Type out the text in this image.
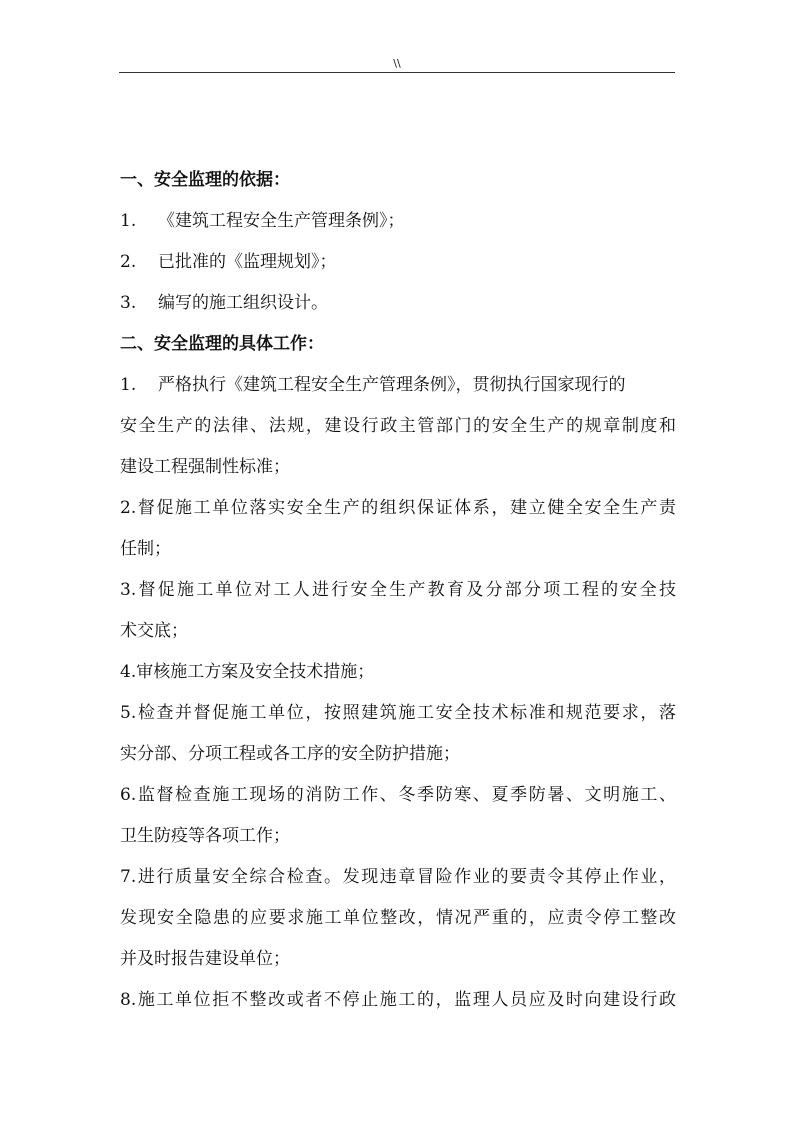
\\
一、安全监理的依据：
1. 《建筑工程安全生产管理条例》；
2. 已批准的《监理规划》；
3. 编写的施工组织设计。
二、安全监理的具体工作：
1. 严格执行《建筑工程安全生产管理条例》，贯彻执行国家现行的
安全生产的法律、法规，建设行政主管部门的安全生产的规章制度和
建设工程强制性标准；
2.督促施工单位落实安全生产的组织保证体系，建立健全安全生产责
任制；
3.督促施工单位对工人进行安全生产教育及分部分项工程的安全技
术交底；
4.审核施工方案及安全技术措施；
5.检查并督促施工单位，按照建筑施工安全技术标准和规范要求，落
实分部、分项工程或各工序的安全防护措施；
6.监督检查施工现场的消防工作、冬季防寒、夏季防暑、文明施工、
卫生防疫等各项工作；
7.进行质量安全综合检查。发现违章冒险作业的要责令其停止作业，
发现安全隐患的应要求施工单位整改，情况严重的，应责令停工整改
并及时报告建设单位；
8.施工单位拒不整改或者不停止施工的，监理人员应及时向建设行政
